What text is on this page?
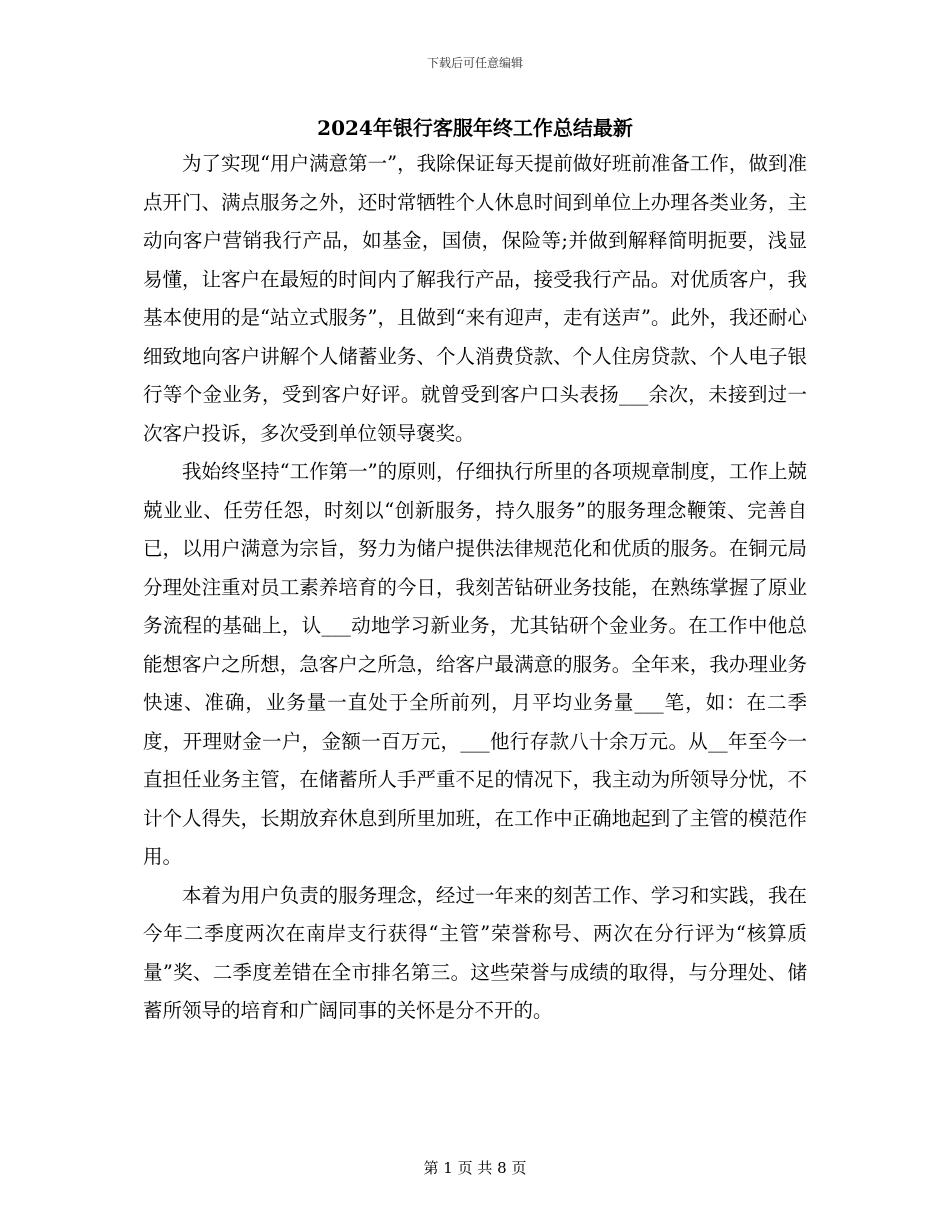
下载后可任意编辑
2024年银行客服年终工作总结最新

为了实现“用户满意第一”，我除保证每天提前做好班前准备工作，做到准点开门、满点服务之外，还时常牺牲个人休息时间到单位上办理各类业务，主动向客户营销我行产品，如基金，国债，保险等;并做到解释简明扼要，浅显易懂，让客户在最短的时间内了解我行产品，接受我行产品。对优质客户，我基本使用的是“站立式服务”，且做到“来有迎声，走有送声”。此外，我还耐心细致地向客户讲解个人储蓄业务、个人消费贷款、个人住房贷款、个人电子银行等个金业务，受到客户好评。就曾受到客户口头表扬___余次，未接到过一次客户投诉，多次受到单位领导褒奖。

我始终坚持“工作第一”的原则，仔细执行所里的各项规章制度，工作上兢兢业业、任劳任怨，时刻以“创新服务，持久服务”的服务理念鞭策、完善自已，以用户满意为宗旨，努力为储户提供法律规范化和优质的服务。在铜元局分理处注重对员工素养培育的今日，我刻苦钻研业务技能，在熟练掌握了原业务流程的基础上，认___动地学习新业务，尤其钻研个金业务。在工作中他总能想客户之所想，急客户之所急，给客户最满意的服务。全年来，我办理业务快速、准确，业务量一直处于全所前列，月平均业务量___笔，如：在二季度，开理财金一户，金额一百万元，___他行存款八十余万元。从__年至今一直担任业务主管，在储蓄所人手严重不足的情况下，我主动为所领导分忧，不计个人得失，长期放弃休息到所里加班，在工作中正确地起到了主管的模范作用。

本着为用户负责的服务理念，经过一年来的刻苦工作、学习和实践，我在今年二季度两次在南岸支行获得“主管”荣誉称号、两次在分行评为“核算质量”奖、二季度差错在全市排名第三。这些荣誉与成绩的取得，与分理处、储蓄所领导的培育和广阔同事的关怀是分不开的。

第 1 页 共 8 页
